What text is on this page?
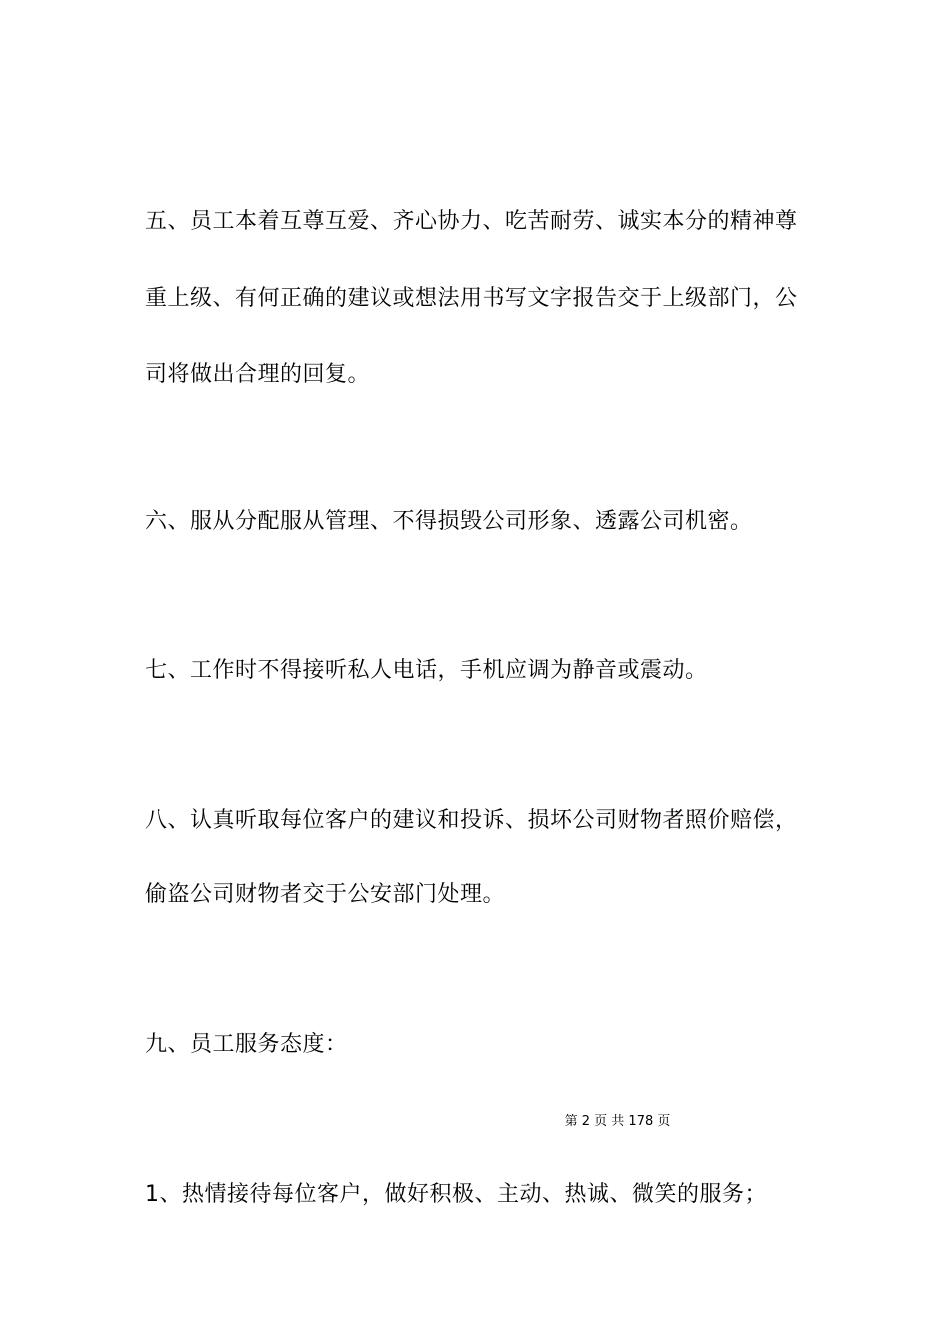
五、员工本着互尊互爱、齐心协力、吃苦耐劳、诚实本分的精神尊
重上级、有何正确的建议或想法用书写文字报告交于上级部门，公
司将做出合理的回复。
六、服从分配服从管理、不得损毁公司形象、透露公司机密。
七、工作时不得接听私人电话，手机应调为静音或震动。
八、认真听取每位客户的建议和投诉、损坏公司财物者照价赔偿，
偷盗公司财物者交于公安部门处理。
九、员工服务态度：
第 2 页 共 178 页
1、热情接待每位客户，做好积极、主动、热诚、微笑的服务；
